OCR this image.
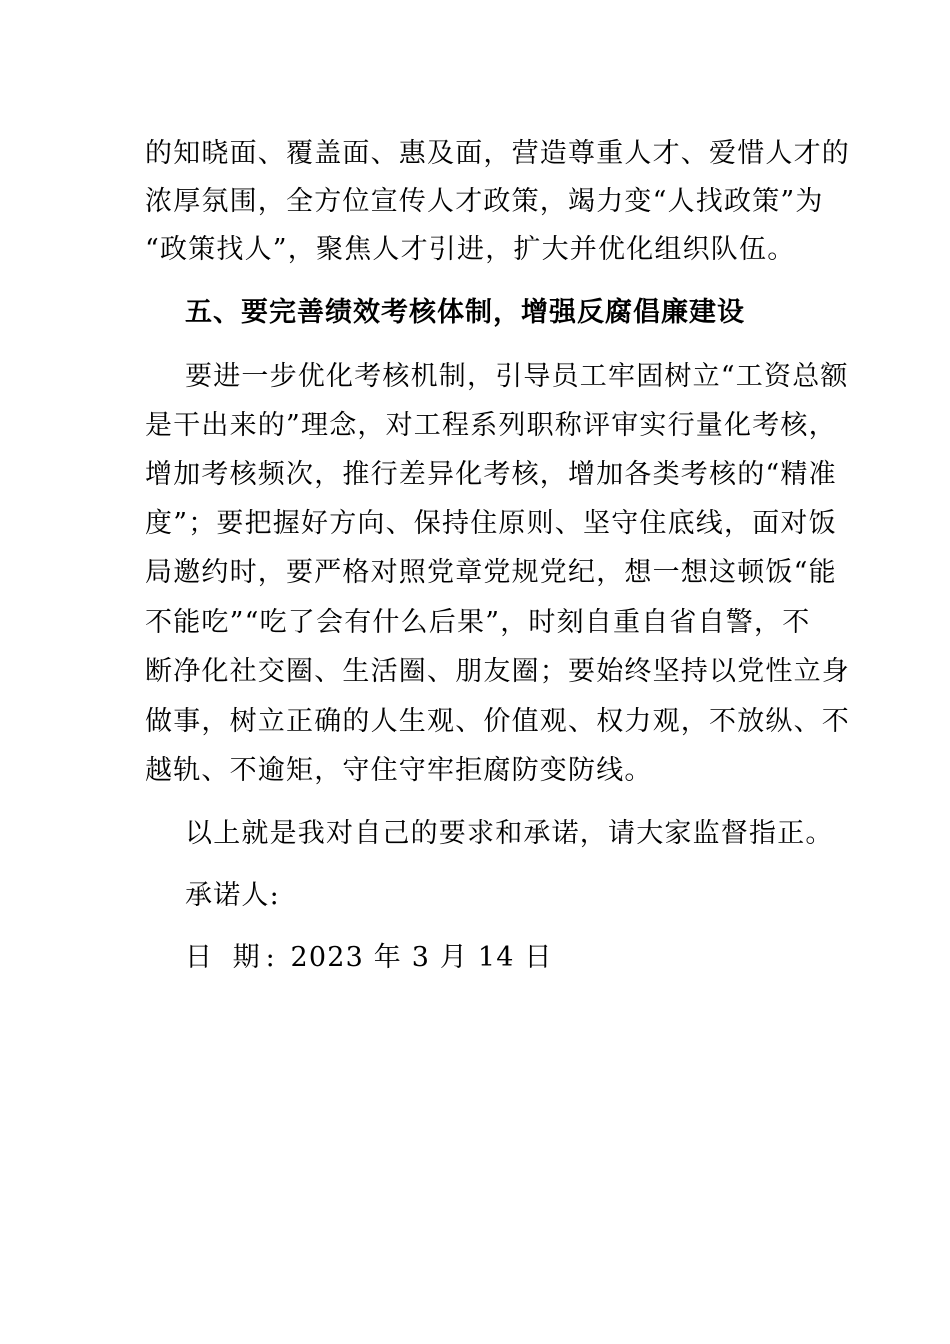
的知晓面、覆盖面、惠及面，营造尊重人才、爱惜人才的
浓厚氛围，全方位宣传人才政策，竭力变“人找政策”为
“政策找人”，聚焦人才引进，扩大并优化组织队伍。
五、要完善绩效考核体制，增强反腐倡廉建设
要进一步优化考核机制，引导员工牢固树立“工资总额
是干出来的”理念，对工程系列职称评审实行量化考核，
增加考核频次，推行差异化考核，增加各类考核的“精准
度”；要把握好方向、保持住原则、坚守住底线，面对饭
局邀约时，要严格对照党章党规党纪，想一想这顿饭“能
不能吃”“吃了会有什么后果”，时刻自重自省自警，不
断净化社交圈、生活圈、朋友圈；要始终坚持以党性立身
做事，树立正确的人生观、价值观、权力观，不放纵、不
越轨、不逾矩，守住守牢拒腐防变防线。
以上就是我对自己的要求和承诺，请大家监督指正。
承诺人:
日 期: 2023 年 3 月 14 日
